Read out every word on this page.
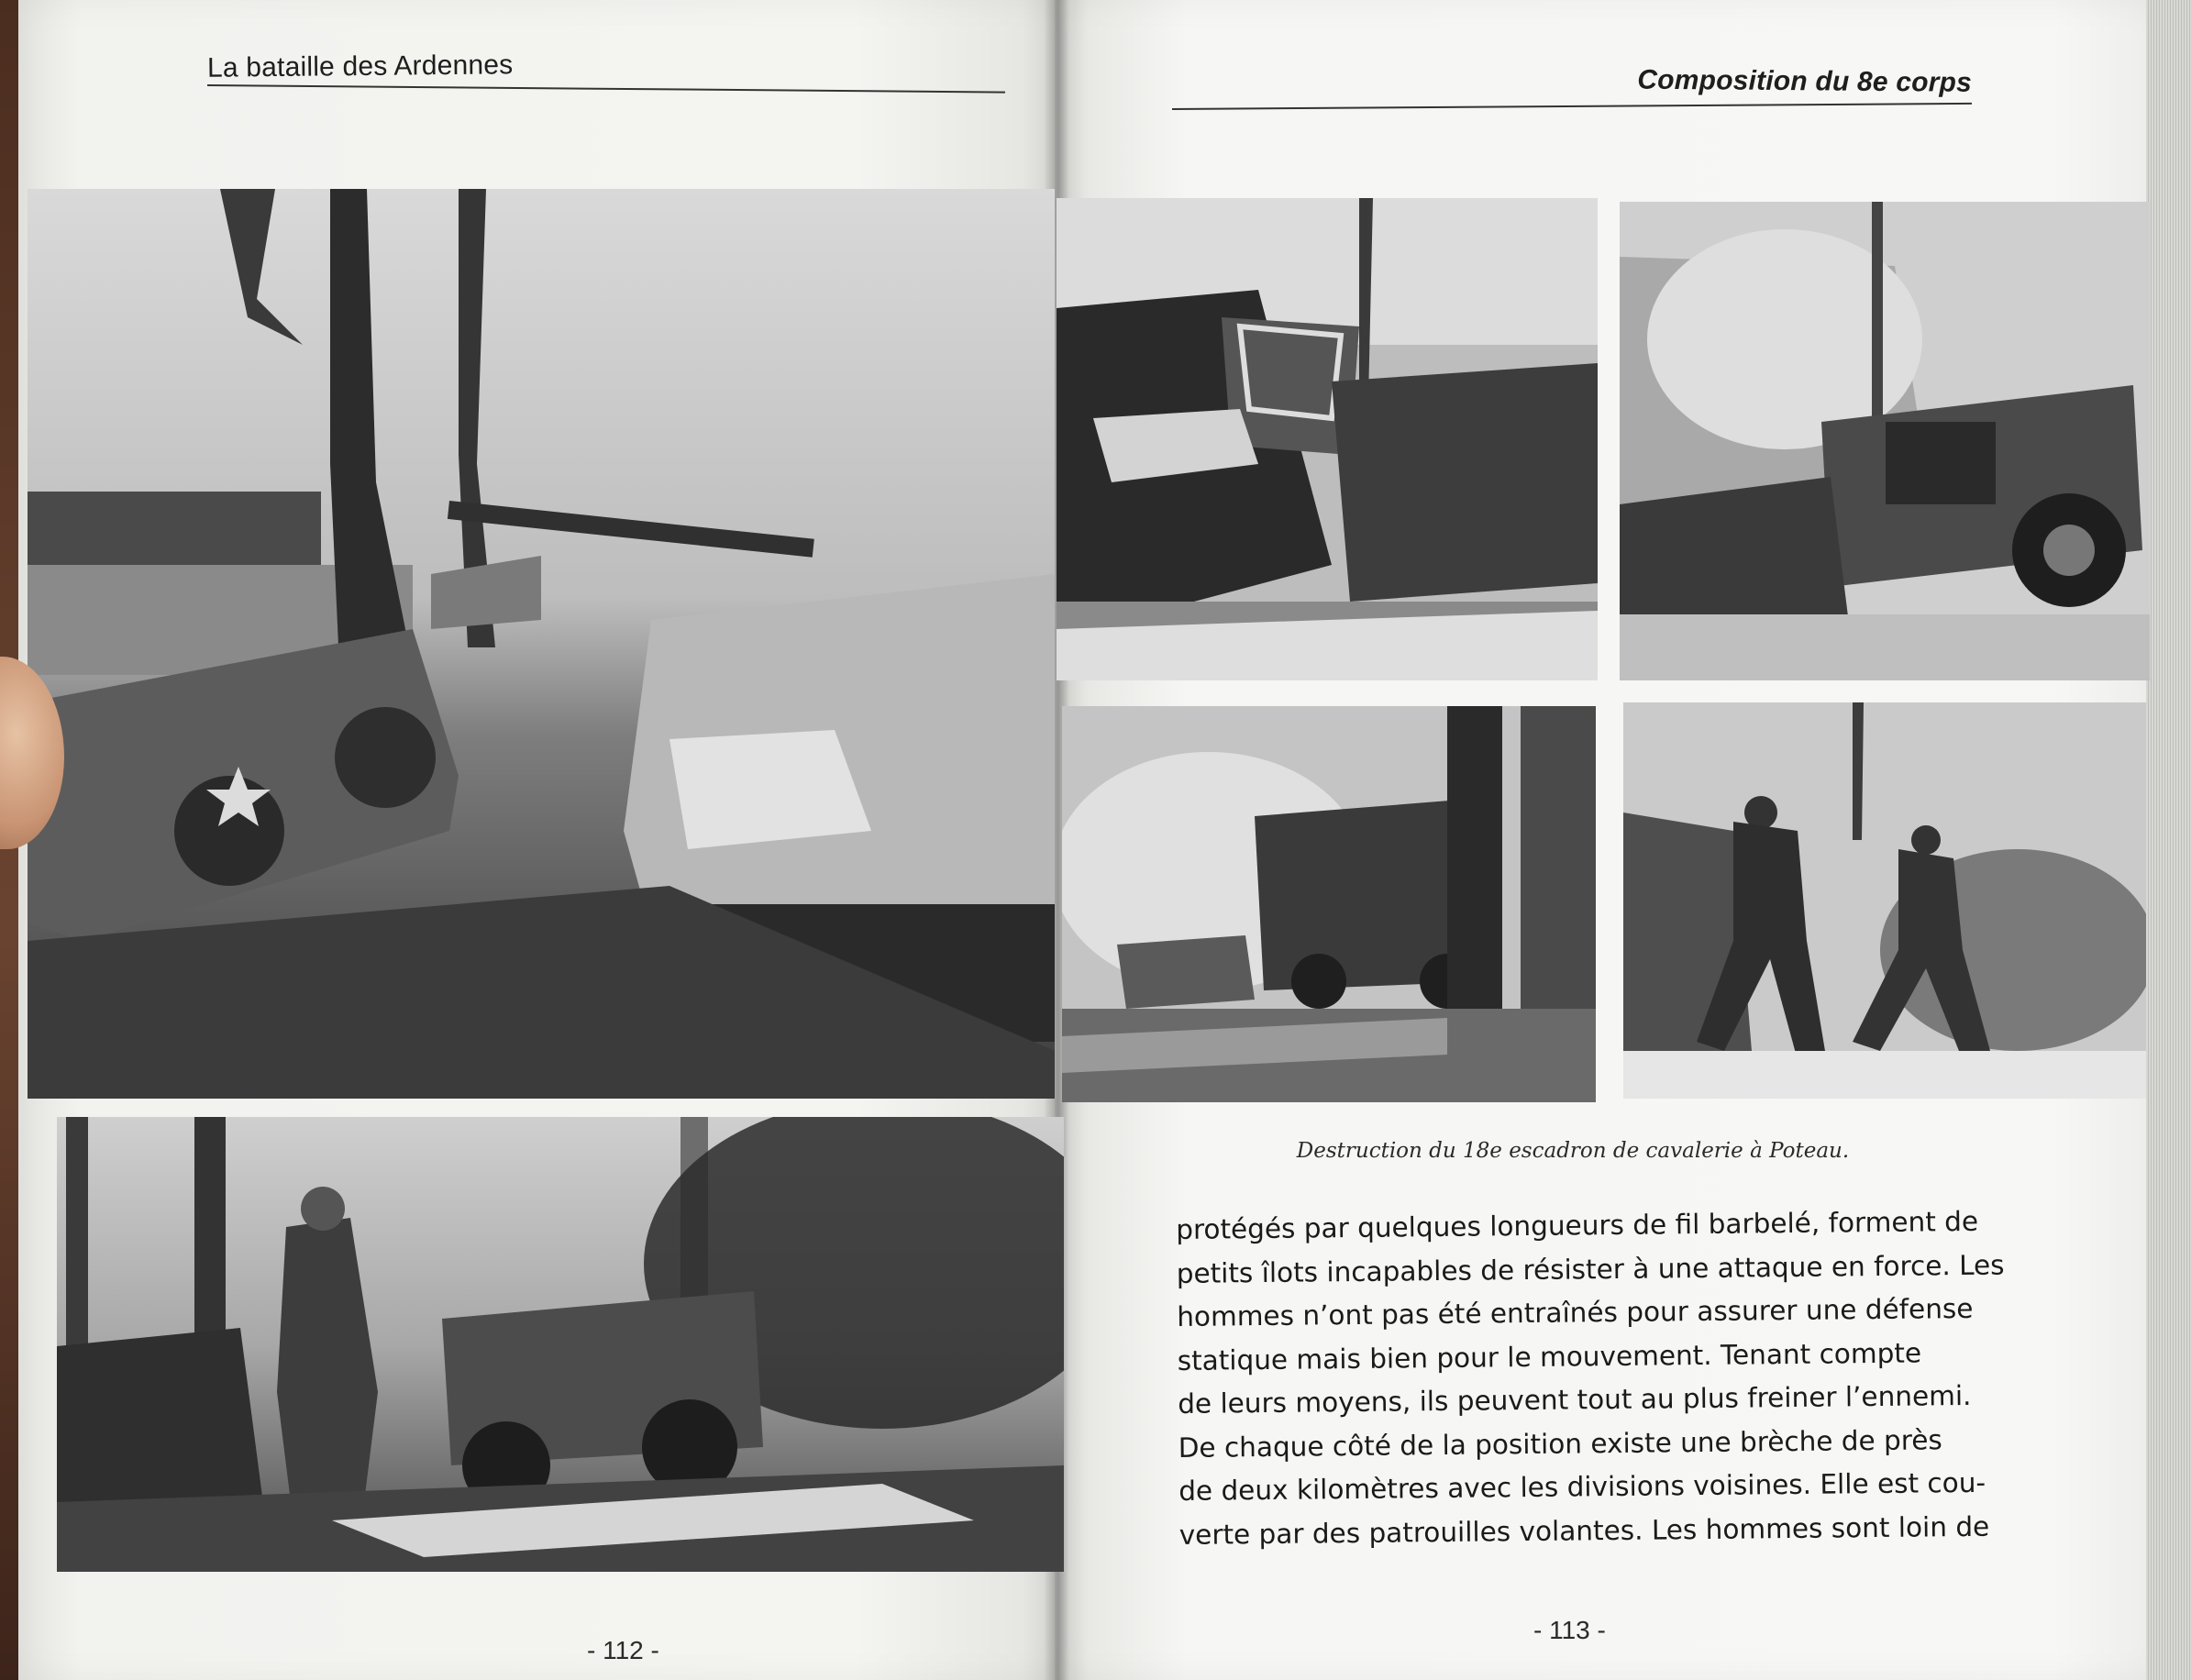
La bataille des Ardennes	Composition du 8e corps
Destruction du 18e escadron de cavalerie à Poteau.
protégés par quelques longueurs de fil barbelé, forment de
petits îlots incapables de résister à une attaque en force. Les
hommes n’ont pas été entraînés pour assurer une défense
statique mais bien pour le mouvement. Tenant compte
de leurs moyens, ils peuvent tout au plus freiner l’ennemi.
De chaque côté de la position existe une brèche de près
de deux kilomètres avec les divisions voisines. Elle est cou-
verte par des patrouilles volantes. Les hommes sont loin de
- 112 -
- 113 -
